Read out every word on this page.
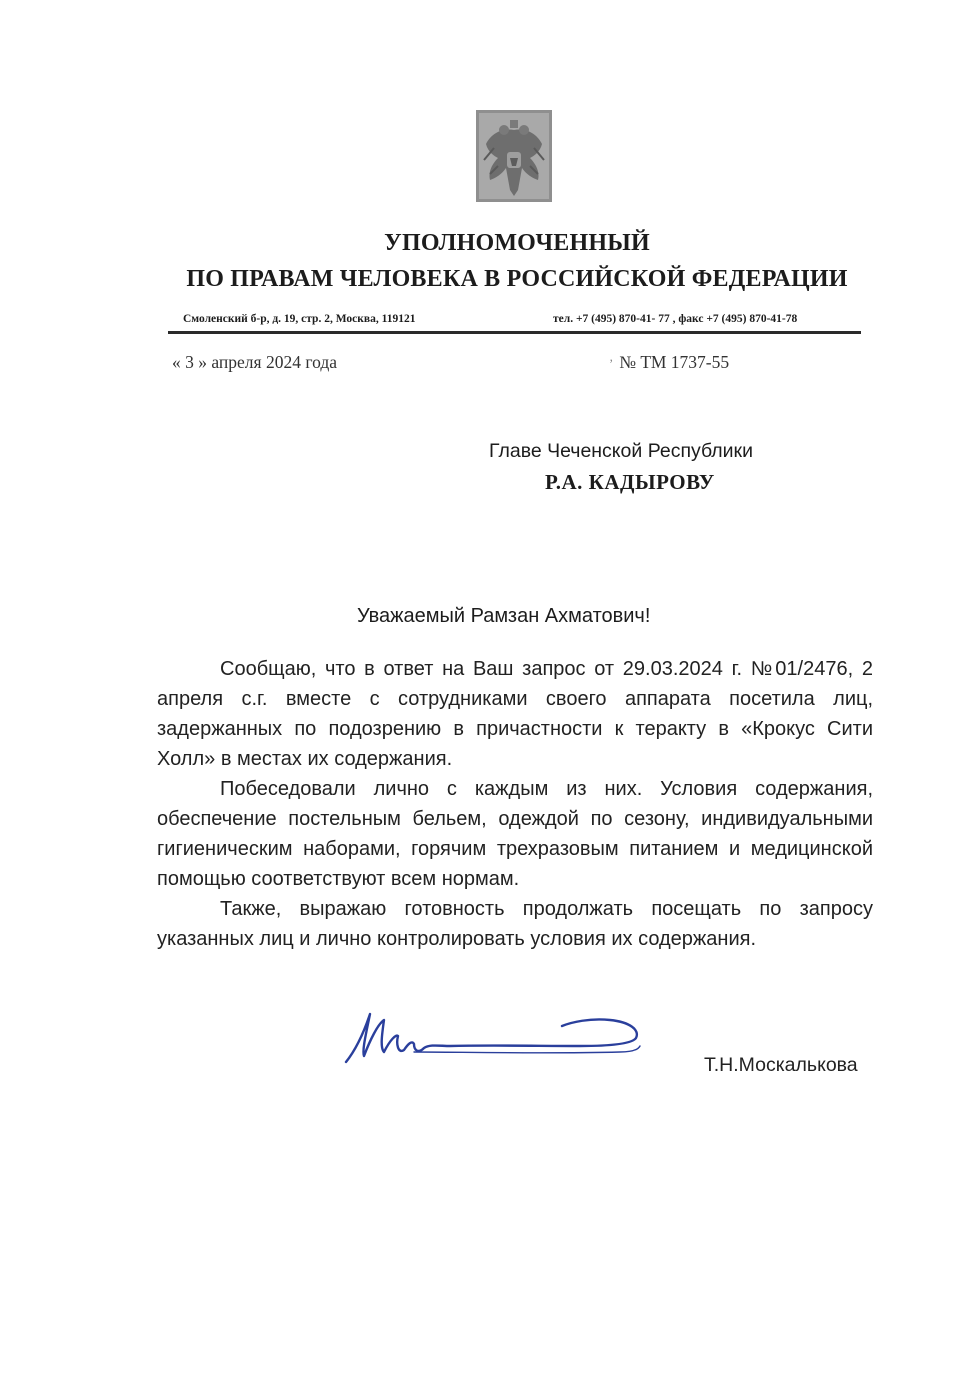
УПОЛНОМОЧЕННЫЙ
ПО ПРАВАМ ЧЕЛОВЕКА В РОССИЙСКОЙ ФЕДЕРАЦИИ
Смоленский б-р, д. 19, стр. 2, Москва, 119121	тел. +7 (495) 870-41- 77 , факс +7 (495) 870-41-78
« 3 » апреля 2024 года	ʼ № ТМ 1737-55
Главе Чеченской Республики
Р.А. КАДЫРОВУ
Уважаемый Рамзан Ахматович!

Сообщаю, что в ответ на Ваш запрос от 29.03.2024 г. №01/2476, 2 апреля с.г. вместе с сотрудниками своего аппарата посетила лиц, задержанных по подозрению в причастности к теракту в «Крокус Сити Холл» в местах их содержания.

Побеседовали лично с каждым из них. Условия содержания, обеспечение постельным бельем, одеждой по сезону, индивидуальными гигиеническим наборами, горячим трехразовым питанием и медицинской помощью соответствуют всем нормам.

Также, выражаю готовность продолжать посещать по запросу указанных лиц и лично контролировать условия их содержания.

Т.Н.Москалькова
